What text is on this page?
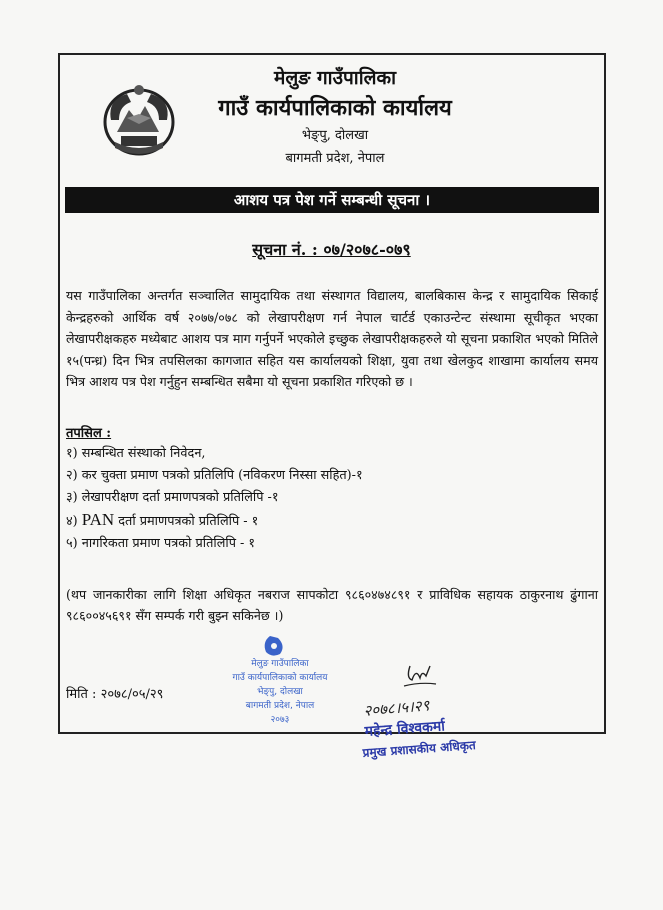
मेलुङ गाउँपालिका
गाउँ कार्यपालिकाको कार्यालय
भेङ्पु, दोलखा
बागमती प्रदेश, नेपाल
आशय पत्र पेश गर्ने सम्बन्धी सूचना ।
सूचना नं. : ०७/२०७८-०७९
यस गाउँपालिका अन्तर्गत सञ्चालित सामुदायिक तथा संस्थागत विद्यालय, बालबिकास केन्द्र र सामुदायिक सिकाई केन्द्रहरुको आर्थिक वर्ष २०७७/०७८ को लेखापरीक्षण गर्न नेपाल चार्टर्ड एकाउन्टेन्ट संस्थामा सूचीकृत भएका लेखापरीक्षकहरु मध्येबाट आशय पत्र माग गर्नुपर्ने भएकोले इच्छुक लेखापरीक्षकहरुले यो सूचना प्रकाशित भएको मितिले १५(पन्ध्र) दिन भित्र तपसिलका कागजात सहित यस कार्यालयको शिक्षा, युवा तथा खेलकुद शाखामा कार्यालय समय भित्र आशय पत्र पेश गर्नुहुन सम्बन्धित सबैमा यो सूचना प्रकाशित गरिएको छ ।
तपसिल :
१) सम्बन्धित संस्थाको निवेदन,
२) कर चुक्ता प्रमाण पत्रको प्रतिलिपि (नविकरण निस्सा सहित)-१
३) लेखापरीक्षण दर्ता प्रमाणपत्रको प्रतिलिपि -१
४) PAN दर्ता प्रमाणपत्रको प्रतिलिपि - १
५) नागरिकता प्रमाण पत्रको प्रतिलिपि - १
(थप जानकारीका लागि शिक्षा अधिकृत नबराज सापकोटा ९८६०४७४८९१ र प्राविधिक सहायक ठाकुरनाथ ढुंगाना ९८६००४५६९१ सँग सम्पर्क गरी बुझ्न सकिनेछ ।)
मिति : २०७८/०५/२९
मेलुङ गाउँपालिका
गाउँ कार्यपालिकाको कार्यालय
भेङ्पु, दोलखा
बागमती प्रदेश, नेपाल
२०७३
२०७८।५।२९
महेन्द्र विश्वकर्मा
प्रमुख प्रशासकीय अधिकृत
